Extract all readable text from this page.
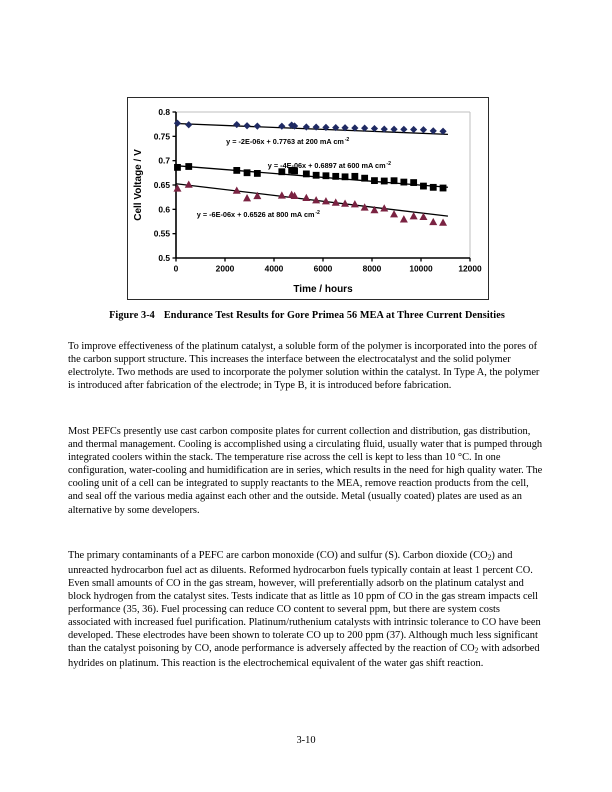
0.5
0.55
0.6
0.65
0.7
0.75
0.8
0	2000	4000	6000	8000	10000	12000
Time / hours
Cell Voltage / V
y = -2E-06x + 0.7763 at 200 mA cm -2
y = -4E-06x + 0.6897 at 600 mA cm -2
y = -6E-06x + 0.6526 at 800 mA cm -2
Figure 3-4 Endurance Test Results for Gore Primea 56 MEA at Three Current Densities

To improve effectiveness of the platinum catalyst, a soluble form of the polymer is incorporated into the pores of the carbon support structure. This increases the interface between the electrocatalyst and the solid polymer electrolyte. Two methods are used to incorporate the polymer solution within the catalyst. In Type A, the polymer is introduced after fabrication of the electrode; in Type B, it is introduced before fabrication.

Most PEFCs presently use cast carbon composite plates for current collection and distribution, gas distribution, and thermal management. Cooling is accomplished using a circulating fluid, usually water that is pumped through integrated coolers within the stack. The temperature rise across the cell is kept to less than 10 °C. In one configuration, water-cooling and humidification are in series, which results in the need for high quality water. The cooling unit of a cell can be integrated to supply reactants to the MEA, remove reaction products from the cell, and seal off the various media against each other and the outside. Metal (usually coated) plates are used as an alternative by some developers.

The primary contaminants of a PEFC are carbon monoxide (CO) and sulfur (S). Carbon dioxide $(CO_2)$ and unreacted hydrocarbon fuel act as diluents. Reformed hydrocarbon fuels typically contain at least 1 percent CO. Even small amounts of CO in the gas stream, however, will preferentially adsorb on the platinum catalyst and block hydrogen from the catalyst sites. Tests indicate that as little as 10 ppm of CO in the gas stream impacts cell performance (35, 36). Fuel processing can reduce CO content to several ppm, but there are system costs associated with increased fuel purification. Platinum/ruthenium catalysts with intrinsic tolerance to CO have been developed. These electrodes have been shown to tolerate CO up to 200 ppm (37). Although much less significant than the catalyst poisoning by CO, anode performance is adversely affected by the reaction of $CO_2$ with adsorbed hydrides on platinum. This reaction is the electrochemical equivalent of the water gas shift reaction.

3-10
